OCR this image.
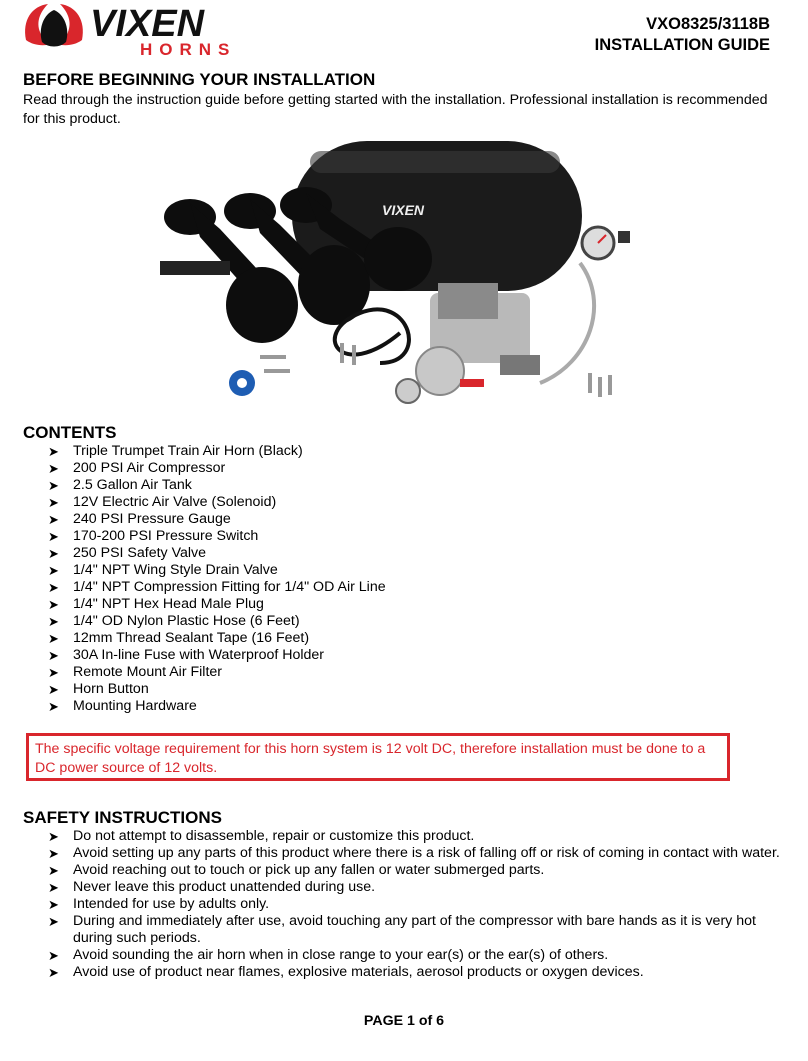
VIXEN
HORNS
VXO8325/3118B
INSTALLATION GUIDE
BEFORE BEGINNING YOUR INSTALLATION

Read through the instruction guide before getting started with the installation. Professional installation is recommended for this product.

VIXEN
CONTENTS
➤ Triple Trumpet Train Air Horn (Black)
➤ 200 PSI Air Compressor
➤ 2.5 Gallon Air Tank
➤ 12V Electric Air Valve (Solenoid)
➤ 240 PSI Pressure Gauge
➤ 170-200 PSI Pressure Switch
➤ 250 PSI Safety Valve
➤ 1/4" NPT Wing Style Drain Valve
➤ 1/4" NPT Compression Fitting for 1/4" OD Air Line
➤ 1/4" NPT Hex Head Male Plug
➤ 1/4" OD Nylon Plastic Hose (6 Feet)
➤ 12mm Thread Sealant Tape (16 Feet)
➤ 30A In-line Fuse with Waterproof Holder
➤ Remote Mount Air Filter
➤ Horn Button
➤ Mounting Hardware
The specific voltage requirement for this horn system is 12 volt DC, therefore installation must be done to a DC power source of 12 volts.
SAFETY INSTRUCTIONS
➤ Do not attempt to disassemble, repair or customize this product.
➤ Avoid setting up any parts of this product where there is a risk of falling off or risk of coming in contact with water.
➤ Avoid reaching out to touch or pick up any fallen or water submerged parts.
➤ Never leave this product unattended during use.
➤ Intended for use by adults only.
➤ During and immediately after use, avoid touching any part of the compressor with bare hands as it is very hot during such periods.
➤ Avoid sounding the air horn when in close range to your ear(s) or the ear(s) of others.
➤ Avoid use of product near flames, explosive materials, aerosol products or oxygen devices.
PAGE 1 of 6
